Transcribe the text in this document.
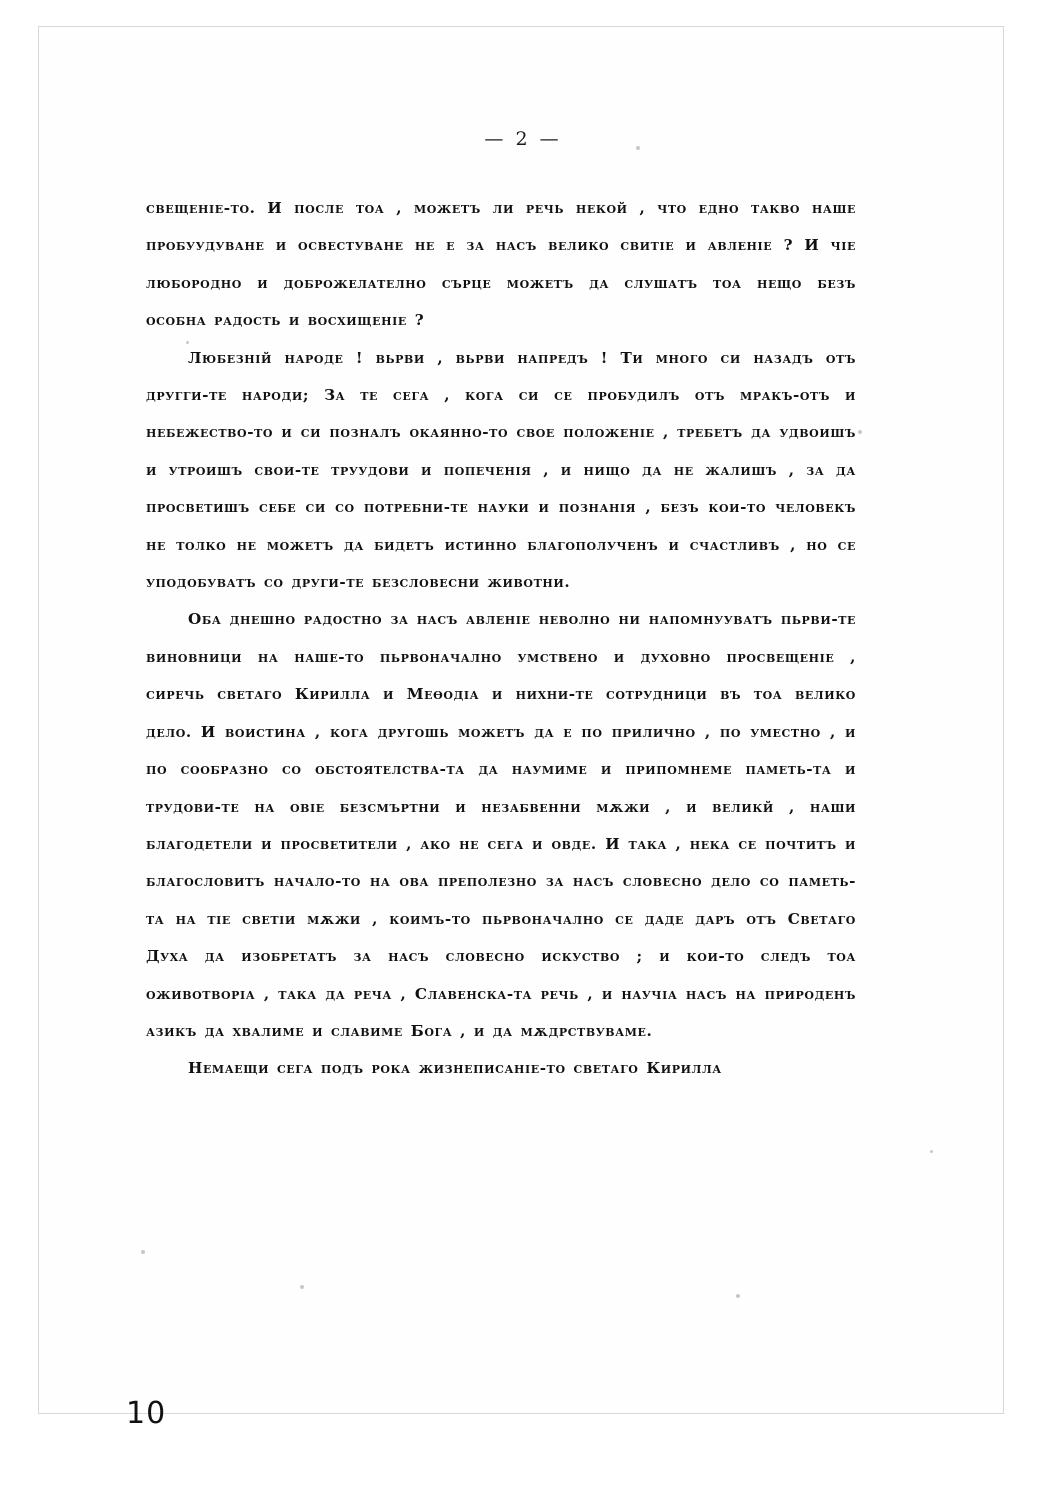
— 2 —

свещеніе-то. И после тоа , можетъ ли речь некой , что едно такво наше пробуудуване и освестуване не е за насъ велико свитіе и авленіе ? И чіе любородно и доброжелателно сърце можетъ да слушатъ тоа нещо безъ особна радость и восхищеніе ?

Любезній народе ! вьрви , вьрви напредъ ! Ти много си назадъ отъ другги-те народи; За те сега , кога си се пробудилъ отъ мракъ-отъ и небежество-то и си позналъ окаянно-то свое положеніе , требетъ да удвоишъ и утроишъ свои-те труудови и попеченія , и нищо да не жалишъ , за да просветишъ себе си со потребни-те науки и познанія , безъ кои-то человекъ не толко не можетъ да бидетъ истинно благополученъ и счастливъ , но се уподобуватъ со други-те безсловесни животни.

Оба днешно радостно за насъ авленіе неволно ни напомнууватъ пьрви-те виновници на наше-то пьрвоначално умствено и духовно просвещеніе , сиречь светаго Кирилла и Меѳодіа и нихни-те сотрудници въ тоа велико дело. И воистина , кога другошь можетъ да е по прилично , по уместно , и по сообразно со обстоятелства-та да наумиме и припомнеме паметь-та и трудови-те на овіе безсмъртни и незабвенни мѫжи , и великй , наши благодетели и просветители , ако не сега и овде. И така , нека се почтитъ и благословитъ начало-то на ова преполезно за насъ словесно дело со паметь-та на тіе светіи мѫжи , коимъ-то пьрвоначално се даде даръ отъ Светаго Духа да изобретатъ за насъ словесно искуство ; и кои-то следъ тоа оживотворіа , така да реча , Славенска-та речь , и научіа насъ на природенъ азикъ да хвалиме и славиме Бога , и да мѫдрствуваме.

Немаещи сега подъ рока жизнеписаніе-то светаго Кирилла

10
